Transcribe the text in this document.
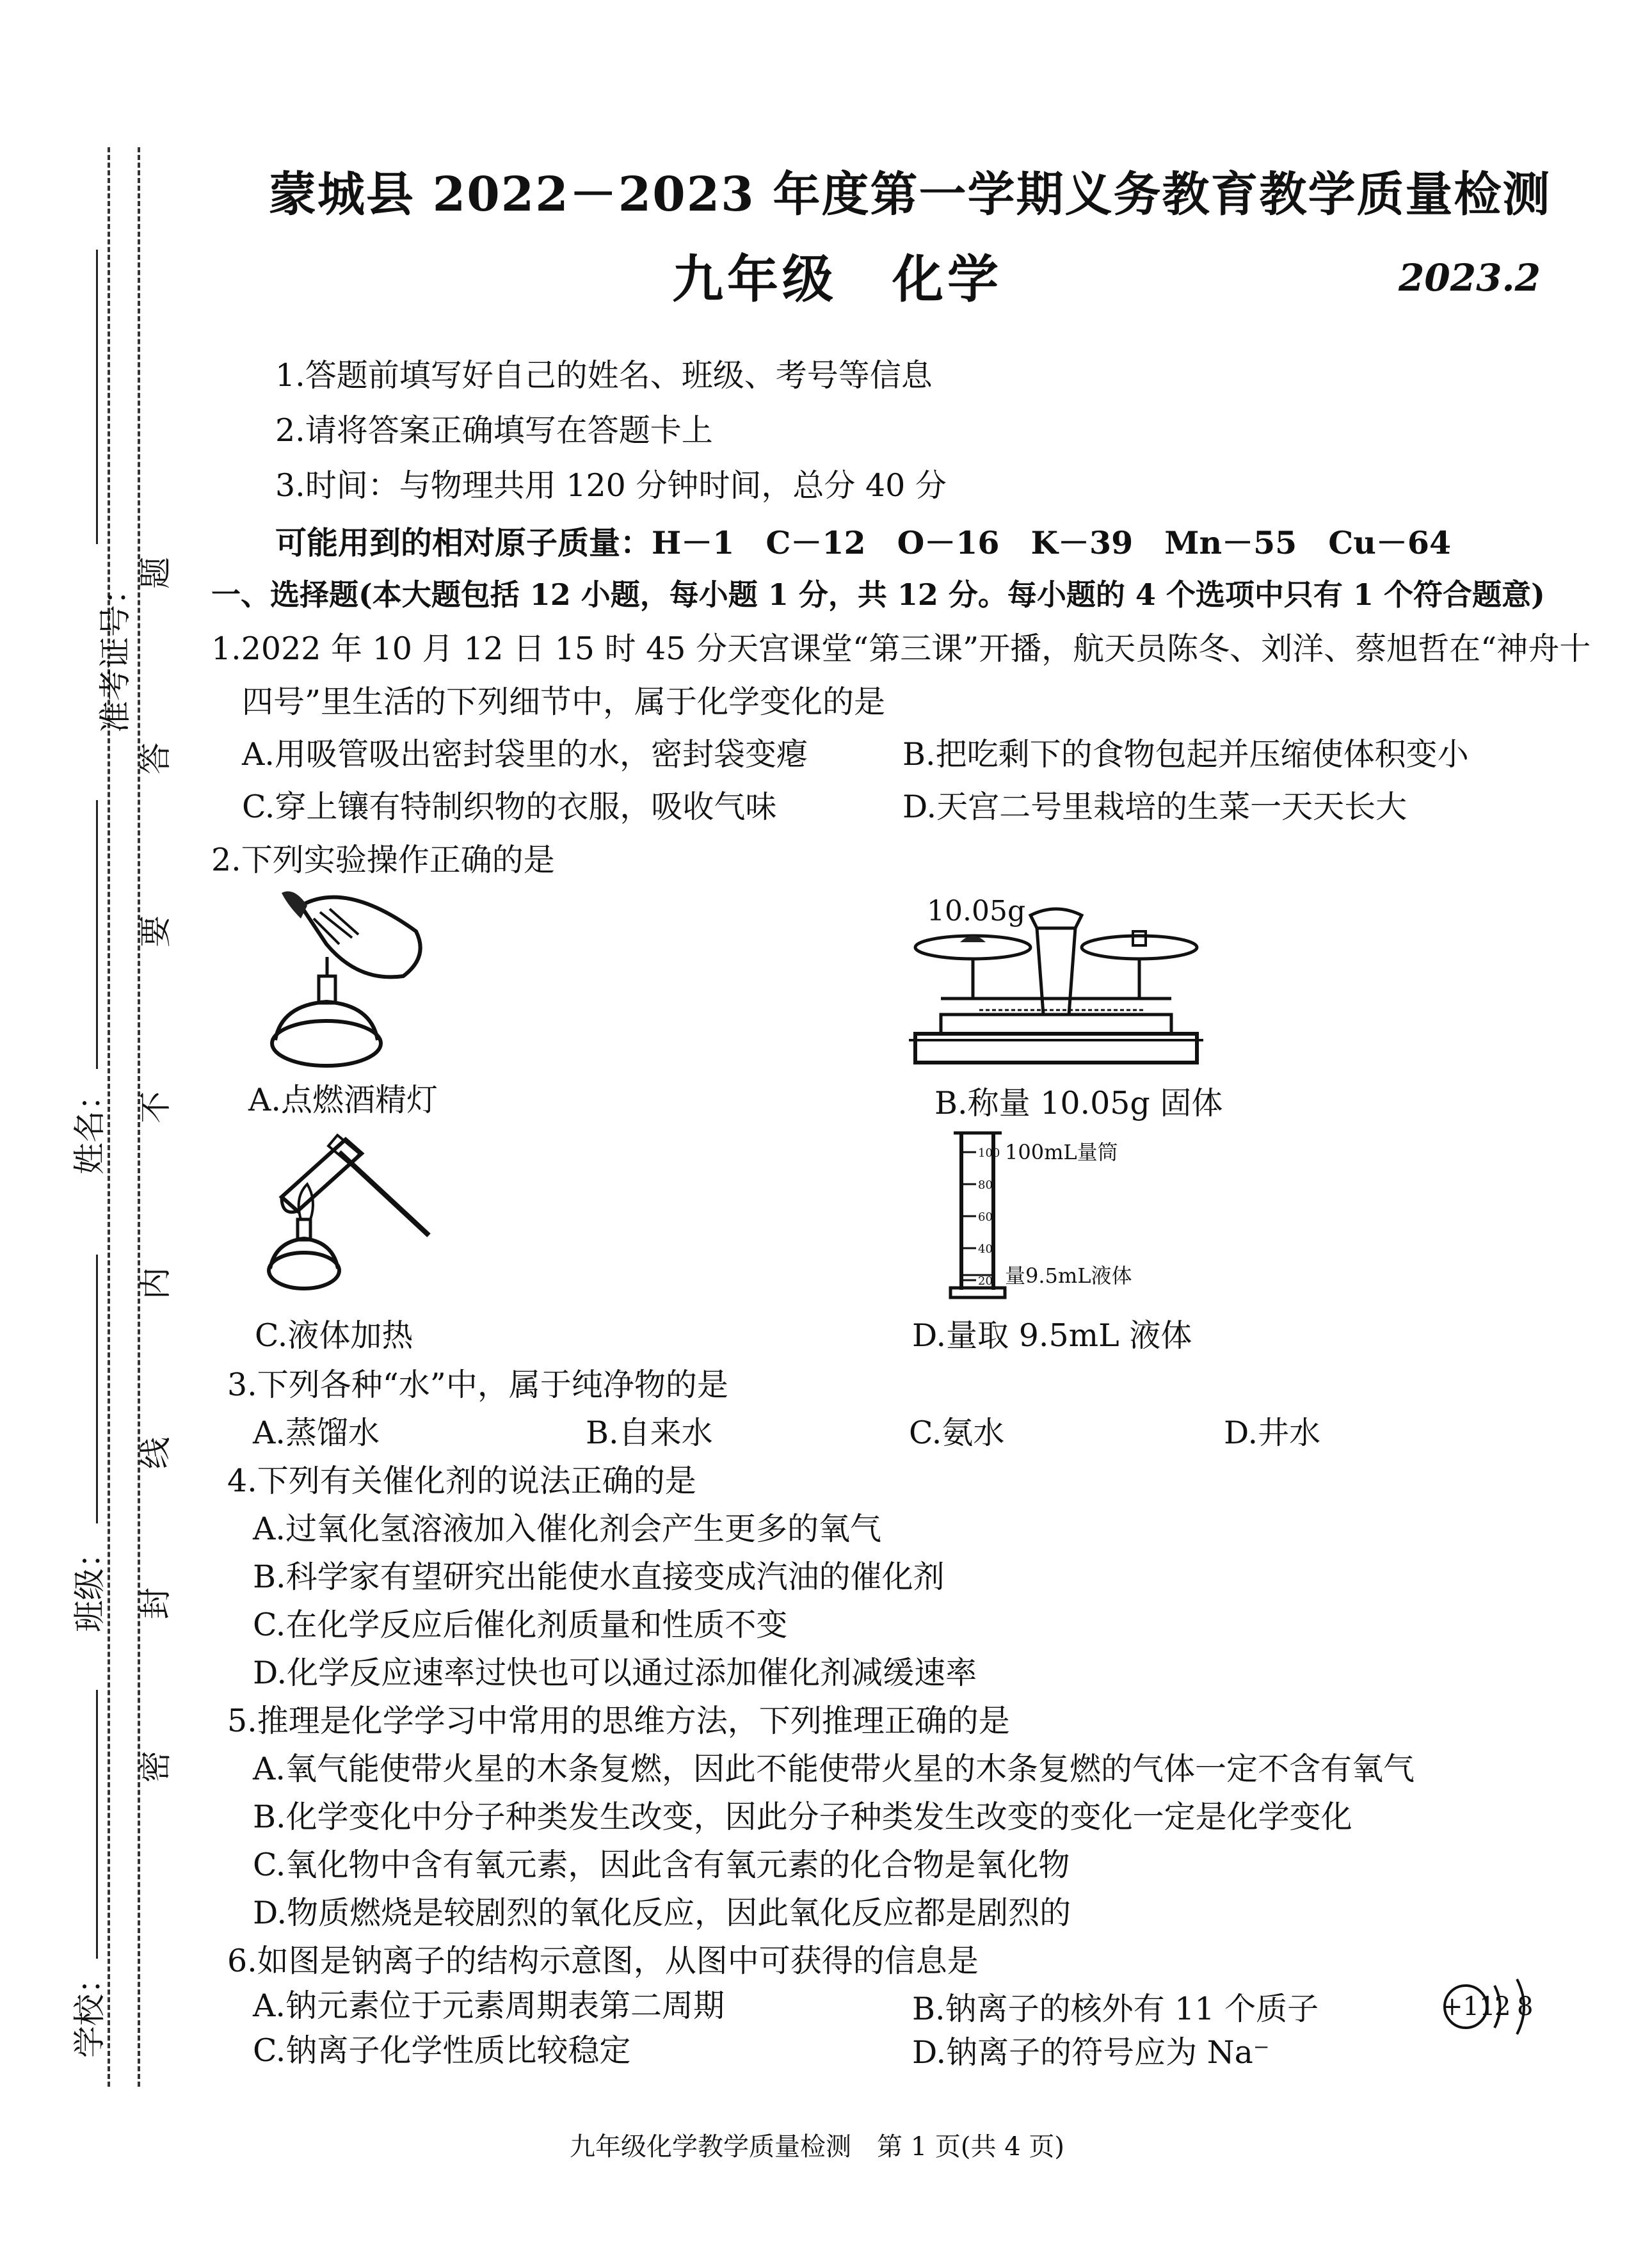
准考证号：
姓名：
班级：
学校：
题
答
要
不
内
线
封
密
蒙城县 2022－2023 年度第一学期义务教育教学质量检测
九年级　化学	2023.2
1.答题前填写好自己的姓名、班级、考号等信息
2.请将答案正确填写在答题卡上
3.时间：与物理共用 120 分钟时间，总分 40 分
可能用到的相对原子质量：H－1　C－12　O－16　K－39　Mn－55　Cu－64
一、选择题(本大题包括 12 小题，每小题 1 分，共 12 分。每小题的 4 个选项中只有 1 个符合题意)
1.2022 年 10 月 12 日 15 时 45 分天宫课堂“第三课”开播，航天员陈冬、刘洋、蔡旭哲在“神舟十
四号”里生活的下列细节中，属于化学变化的是
A.用吸管吸出密封袋里的水，密封袋变瘪	B.把吃剩下的食物包起并压缩使体积变小
C.穿上镶有特制织物的衣服，吸收气味	D.天宫二号里栽培的生菜一天天长大
2.下列实验操作正确的是
A.点燃酒精灯
10.05g
B.称量 10.05g 固体
C.液体加热
100
80
60
40
20
100mL量筒
量9.5mL液体
D.量取 9.5mL 液体
3.下列各种“水”中，属于纯净物的是
A.蒸馏水	B.自来水	C.氨水	D.井水
4.下列有关催化剂的说法正确的是
A.过氧化氢溶液加入催化剂会产生更多的氧气
B.科学家有望研究出能使水直接变成汽油的催化剂
C.在化学反应后催化剂质量和性质不变
D.化学反应速率过快也可以通过添加催化剂减缓速率
5.推理是化学学习中常用的思维方法，下列推理正确的是
A.氧气能使带火星的木条复燃，因此不能使带火星的木条复燃的气体一定不含有氧气
B.化学变化中分子种类发生改变，因此分子种类发生改变的变化一定是化学变化
C.氧化物中含有氧元素，因此含有氧元素的化合物是氧化物
D.物质燃烧是较剧烈的氧化反应，因此氧化反应都是剧烈的
6.如图是钠离子的结构示意图，从图中可获得的信息是
A.钠元素位于元素周期表第二周期	B.钠离子的核外有 11 个质子
C.钠离子化学性质比较稳定	D.钠离子的符号应为 Na⁻
+11
2 8
九年级化学教学质量检测　第 1 页(共 4 页)
